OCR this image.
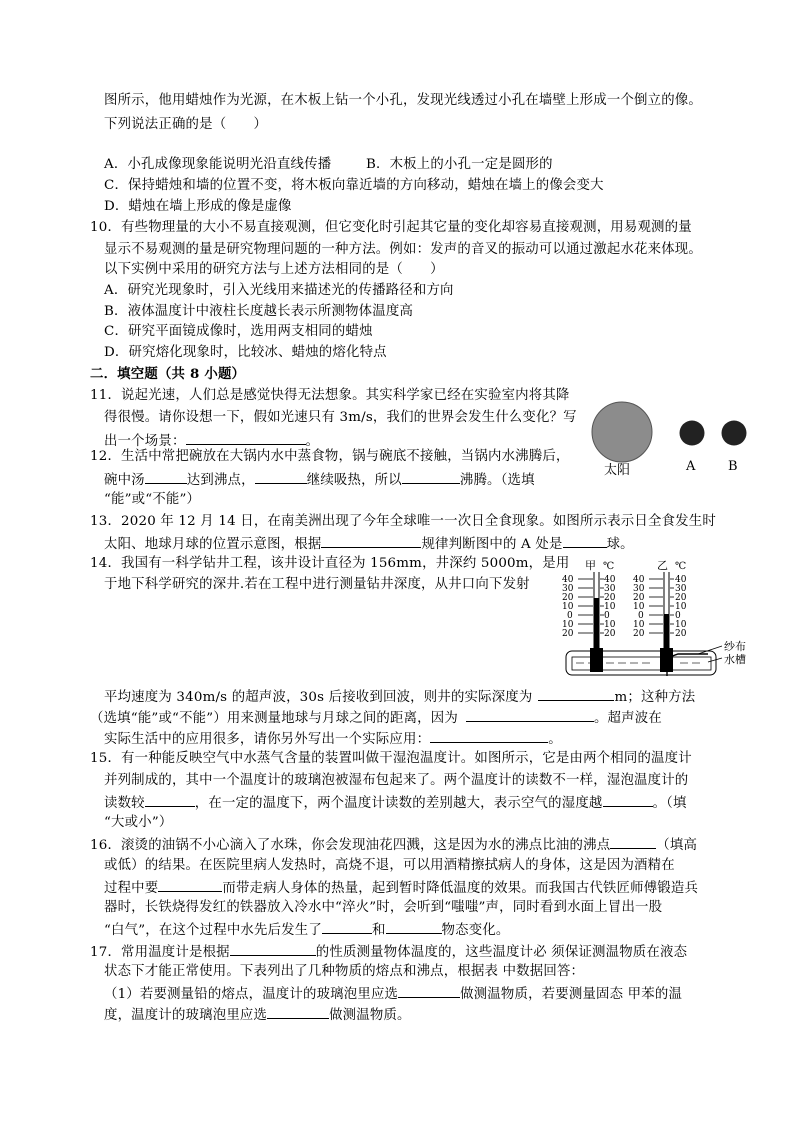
图所示，他用蜡烛作为光源，在木板上钻一个小孔，发现光线透过小孔在墙壁上形成一个倒立的像。
下列说法正确的是（　　）
A．小孔成像现象能说明光沿直线传播	B．木板上的小孔一定是圆形的
C．保持蜡烛和墙的位置不变，将木板向靠近墙的方向移动，蜡烛在墙上的像会变大
D．蜡烛在墙上形成的像是虚像
10．有些物理量的大小不易直接观测，但它变化时引起其它量的变化却容易直接观测，用易观测的量
显示不易观测的量是研究物理问题的一种方法。例如：发声的音叉的振动可以通过激起水花来体现。
以下实例中采用的研究方法与上述方法相同的是（　　）
A．研究光现象时，引入光线用来描述光的传播路径和方向
B．液体温度计中液柱长度越长表示所测物体温度高
C．研究平面镜成像时，选用两支相同的蜡烛
D．研究熔化现象时，比较冰、蜡烛的熔化特点
二．填空题（共 8 小题）
11．说起光速，人们总是感觉快得无法想象。其实科学家已经在实验室内将其降
得很慢。请你设想一下，假如光速只有 3m/s，我们的世界会发生什么变化？写
出一个场景：	。
太阳	A	B
12．生活中常把碗放在大锅内水中蒸食物，锅与碗底不接触，当锅内水沸腾后，
碗中汤	达到沸点，	继续吸热，所以	沸腾。（选填
“能”或“不能”）
13．2020 年 12 月 14 日，在南美洲出现了今年全球唯一一次日全食现象。如图所示表示日全食发生时
太阳、地球月球的位置示意图，根据	规律判断图中的 A 处是	球。
14．我国有一科学钻井工程，该井设计直径为 156mm，井深约 5000m，是用
于地下科学研究的深井.若在工程中进行测量钻井深度，从井口向下发射
甲 ℃	乙 ℃
40
30
20
10
0
10
20
40
30
20
10
0
10
20
40
30
20
10
0
10
20
40
30
20
10
0
10
20
纱布
水槽
平均速度为 340m/s 的超声波，30s 后接收到回波，则井的实际深度为	m；这种方法
（选填“能”或“不能”）用来测量地球与月球之间的距离，因为	。超声波在
实际生活中的应用很多，请你另外写出一个实际应用：	。
15．有一种能反映空气中水蒸气含量的装置叫做干湿泡温度计。如图所示，它是由两个相同的温度计
并列制成的，其中一个温度计的玻璃泡被湿布包起来了。两个温度计的读数不一样，湿泡温度计的
读数较	，在一定的温度下，两个温度计读数的差别越大，表示空气的湿度越	。（填
“大或小”）
16．滚烫的油锅不小心滴入了水珠，你会发现油花四溅，这是因为水的沸点比油的沸点	（填高
或低）的结果。在医院里病人发热时，高烧不退，可以用酒精擦拭病人的身体，这是因为酒精在
过程中要	而带走病人身体的热量，起到暂时降低温度的效果。而我国古代铁匠师傅锻造兵
器时，长铁烧得发红的铁器放入冷水中“淬火”时，会听到“嗤嗤”声，同时看到水面上冒出一股
“白气”，在这个过程中水先后发生了	和	物态变化。
17．常用温度计是根据	的性质测量物体温度的，这些温度计必 须保证测温物质在液态
状态下才能正常使用。下表列出了几种物质的熔点和沸点，根据表 中数据回答：
（1）若要测量铅的熔点，温度计的玻璃泡里应选	做测温物质，若要测量固态 甲苯的温
度，温度计的玻璃泡里应选	做测温物质。
